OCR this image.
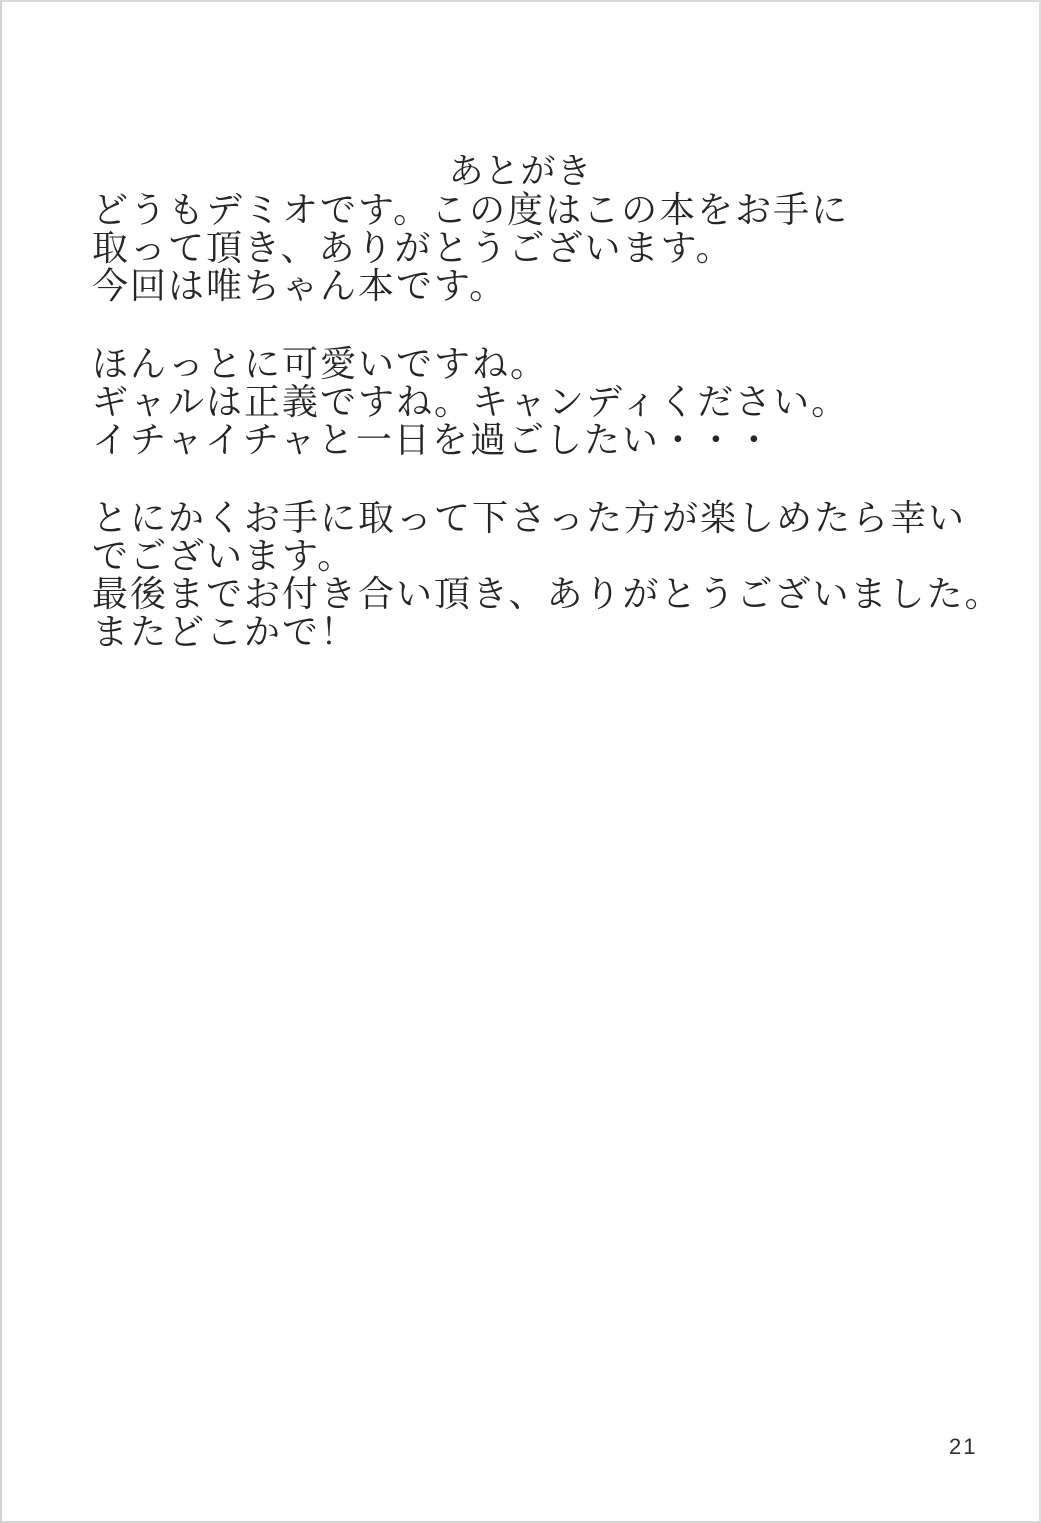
あとがき
どうもデミオです。この度はこの本をお手に
取って頂き、ありがとうございます。
今回は唯ちゃん本です。
ほんっとに可愛いですね。
ギャルは正義ですね。キャンディください。
イチャイチャと一日を過ごしたい・・・
とにかくお手に取って下さった方が楽しめたら幸い
でございます。
最後までお付き合い頂き、ありがとうございました。
またどこかで！
21
